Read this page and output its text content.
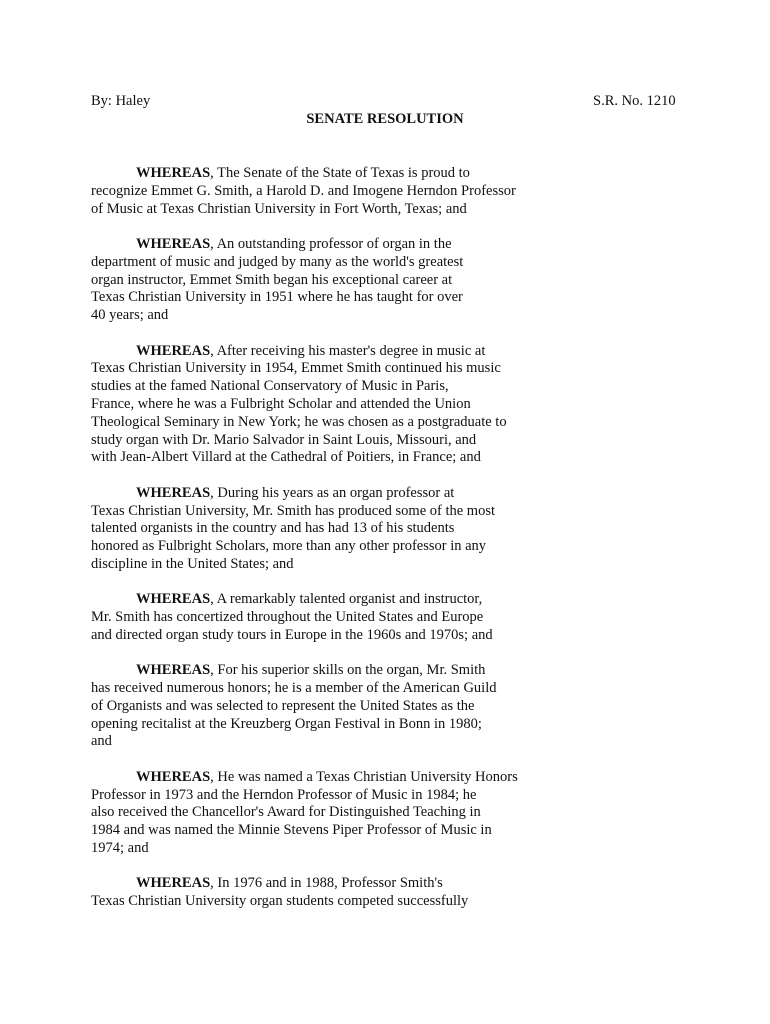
By: Haley	S.R. No. 1210
SENATE RESOLUTION
WHEREAS, The Senate of the State of Texas is proud to
recognize Emmet G. Smith, a Harold D. and Imogene Herndon Professor
of Music at Texas Christian University in Fort Worth, Texas; and
WHEREAS, An outstanding professor of organ in the
department of music and judged by many as the world's greatest
organ instructor, Emmet Smith began his exceptional career at
Texas Christian University in 1951 where he has taught for over
40 years; and
WHEREAS, After receiving his master's degree in music at
Texas Christian University in 1954, Emmet Smith continued his music
studies at the famed National Conservatory of Music in Paris,
France, where he was a Fulbright Scholar and attended the Union
Theological Seminary in New York; he was chosen as a postgraduate to
study organ with Dr. Mario Salvador in Saint Louis, Missouri, and
with Jean-Albert Villard at the Cathedral of Poitiers, in France; and
WHEREAS, During his years as an organ professor at
Texas Christian University, Mr. Smith has produced some of the most
talented organists in the country and has had 13 of his students
honored as Fulbright Scholars, more than any other professor in any
discipline in the United States; and
WHEREAS, A remarkably talented organist and instructor,
Mr. Smith has concertized throughout the United States and Europe
and directed organ study tours in Europe in the 1960s and 1970s; and
WHEREAS, For his superior skills on the organ, Mr. Smith
has received numerous honors; he is a member of the American Guild
of Organists and was selected to represent the United States as the
opening recitalist at the Kreuzberg Organ Festival in Bonn in 1980;
and
WHEREAS, He was named a Texas Christian University Honors
Professor in 1973 and the Herndon Professor of Music in 1984; he
also received the Chancellor's Award for Distinguished Teaching in
1984 and was named the Minnie Stevens Piper Professor of Music in
1974; and
WHEREAS, In 1976 and in 1988, Professor Smith's
Texas Christian University organ students competed successfully
